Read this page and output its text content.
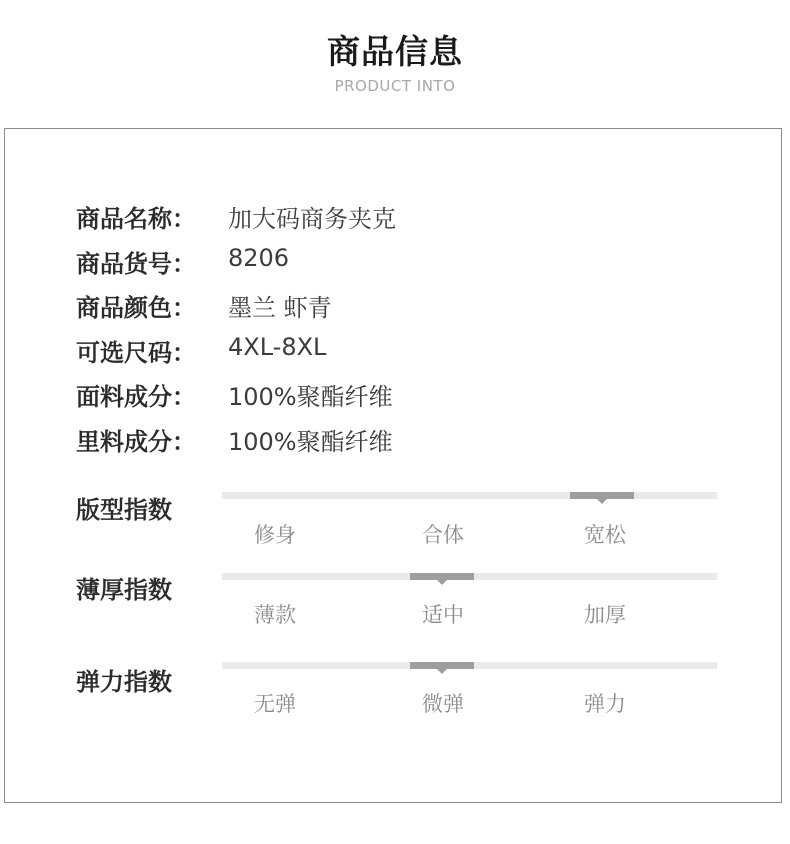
商品信息
PRODUCT INTO
商品名称：	加大码商务夹克
商品货号：	8206
商品颜色：	墨兰 虾青
可选尺码：	4XL-8XL
面料成分：	100%聚酯纤维
里料成分：	100%聚酯纤维
版型指数
修身	合体	宽松
薄厚指数
薄款	适中	加厚
弹力指数
无弹	微弹	弹力
